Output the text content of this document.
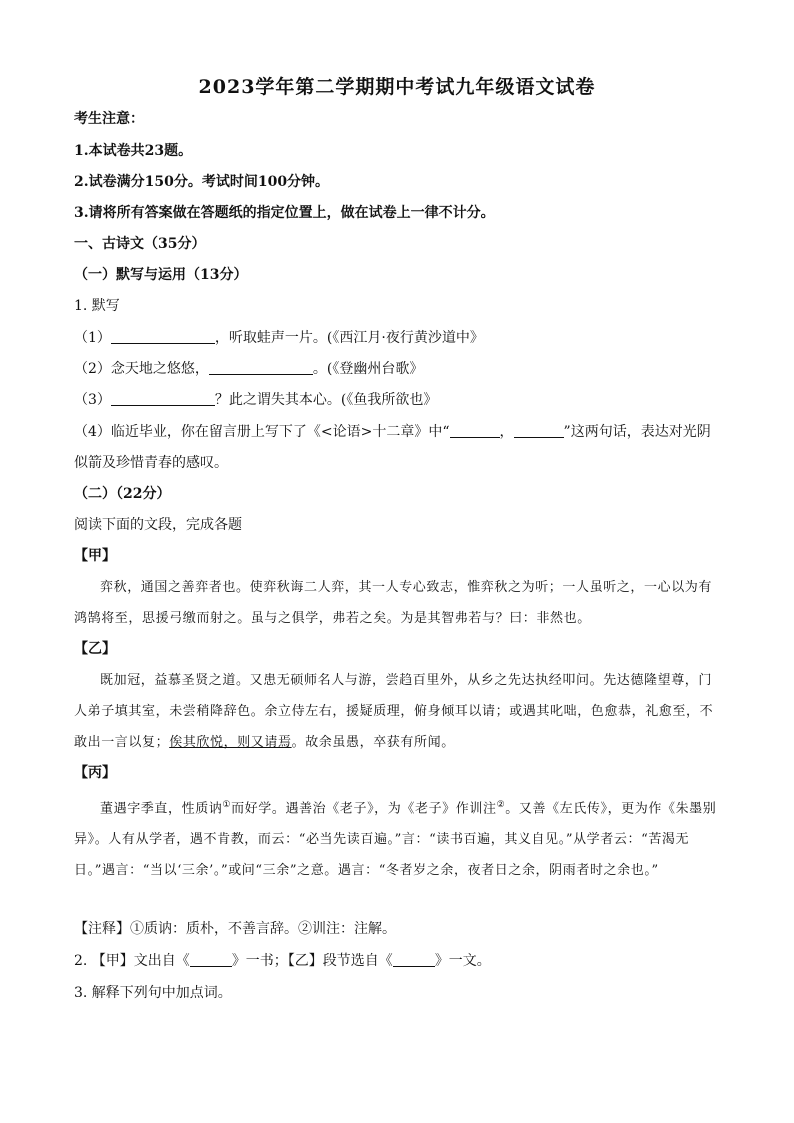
2023学年第二学期期中考试九年级语文试卷
考生注意：
1.本试卷共23题。
2.试卷满分150分。考试时间100分钟。
3.请将所有答案做在答题纸的指定位置上，做在试卷上一律不计分。
一、古诗文（35分）
（一）默写与运用（13分）
1. 默写
（1）	，听取蛙声一片。(《西江月·夜行黄沙道中》
（2）念天地之悠悠，	。(《登幽州台歌》
（3）	？此之谓失其本心。(《鱼我所欲也》
（4）临近毕业，你在留言册上写下了《<论语>十二章》中“	，	”这两句话，表达对光阴
似箭及珍惜青春的感叹。
（二）（22分）
阅读下面的文段，完成各题
【甲】
弈秋，通国之善弈者也。使弈秋诲二人弈，其一人专心致志，惟弈秋之为听；一人虽听之，一心以为有鸿鹄将至，思援弓缴而射之。虽与之俱学，弗若之矣。为是其智弗若与？曰：非然也。
【乙】
既加冠，益慕圣贤之道。又患无硕师名人与游，尝趋百里外，从乡之先达执经叩问。先达德隆望尊，门人弟子填其室，未尝稍降辞色。余立侍左右，援疑质理，俯身倾耳以请；或遇其叱咄，色愈恭，礼愈至，不敢出一言以复；俟其欣悦，则又请焉。故余虽愚，卒获有所闻。
【丙】
董遇字季直，性质讷①而好学。遇善治《老子》，为《老子》作训注②。又善《左氏传》，更为作《朱墨别异》。人有从学者，遇不肯教，而云：“必当先读百遍。”言：“读书百遍，其义自见。”从学者云：“苦渴无日。”遇言：“当以‘三余’。”或问“三余”之意。遇言：“冬者岁之余，夜者日之余，阴雨者时之余也。”
【注释】①质讷：质朴，不善言辞。②训注：注解。
2. 【甲】文出自《	》一书；【乙】段节选自《	》一文。
3. 解释下列句中加点词。
